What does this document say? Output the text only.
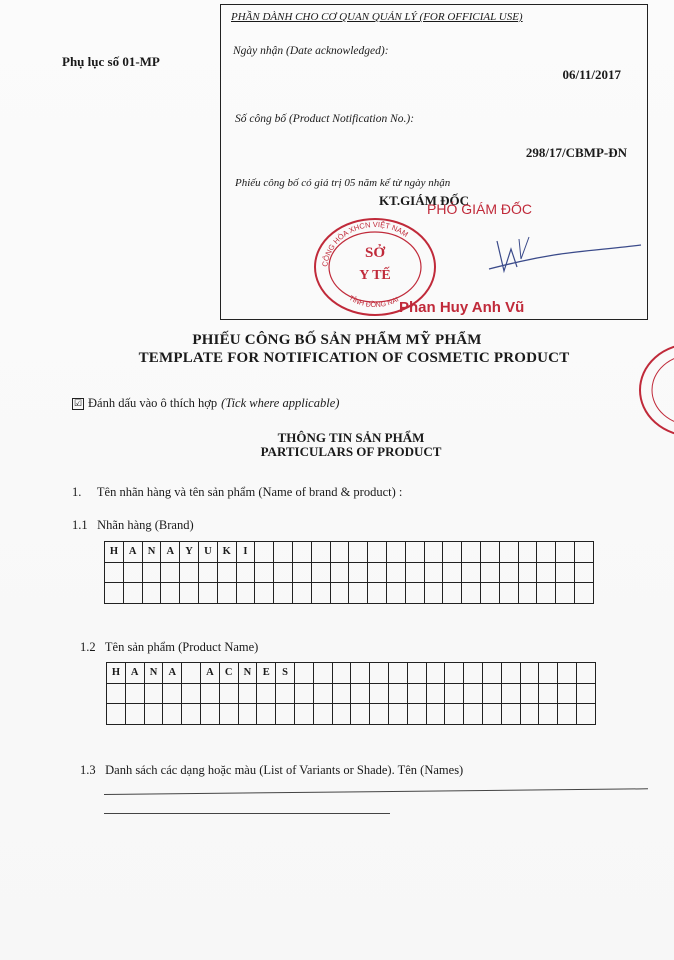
Phụ lục số 01-MP
PHẦN DÀNH CHO CƠ QUAN QUẢN LÝ (FOR OFFICIAL USE)
Ngày nhận (Date acknowledged):
06/11/2017
Số công bố (Product Notification No.):
298/17/CBMP-ĐN
Phiếu công bố có giá trị 05 năm kể từ ngày nhận
CỘNG HÒA XHCN VIỆT NAM
TỈNH ĐỒNG NAI
SỞ
Y TẾ
KT.GIÁM ĐỐC
PHÓ GIÁM ĐỐC
Phan Huy Anh Vũ
PHIẾU CÔNG BỐ SẢN PHẨM MỸ PHẨM
TEMPLATE FOR NOTIFICATION OF COSMETIC PRODUCT
☑ Đánh dấu vào ô thích hợp (Tick where applicable)
THÔNG TIN SẢN PHẨM
PARTICULARS OF PRODUCT
1. Tên nhãn hàng và tên sản phẩm (Name of brand & product) :
1.1 Nhãn hàng (Brand)
H	A	N	A	Y	U	K	I																		

1.2 Tên sản phẩm (Product Name)
H	A	N	A		A	C	N	E	S																

1.3 Danh sách các dạng hoặc màu (List of Variants or Shade). Tên (Names)
